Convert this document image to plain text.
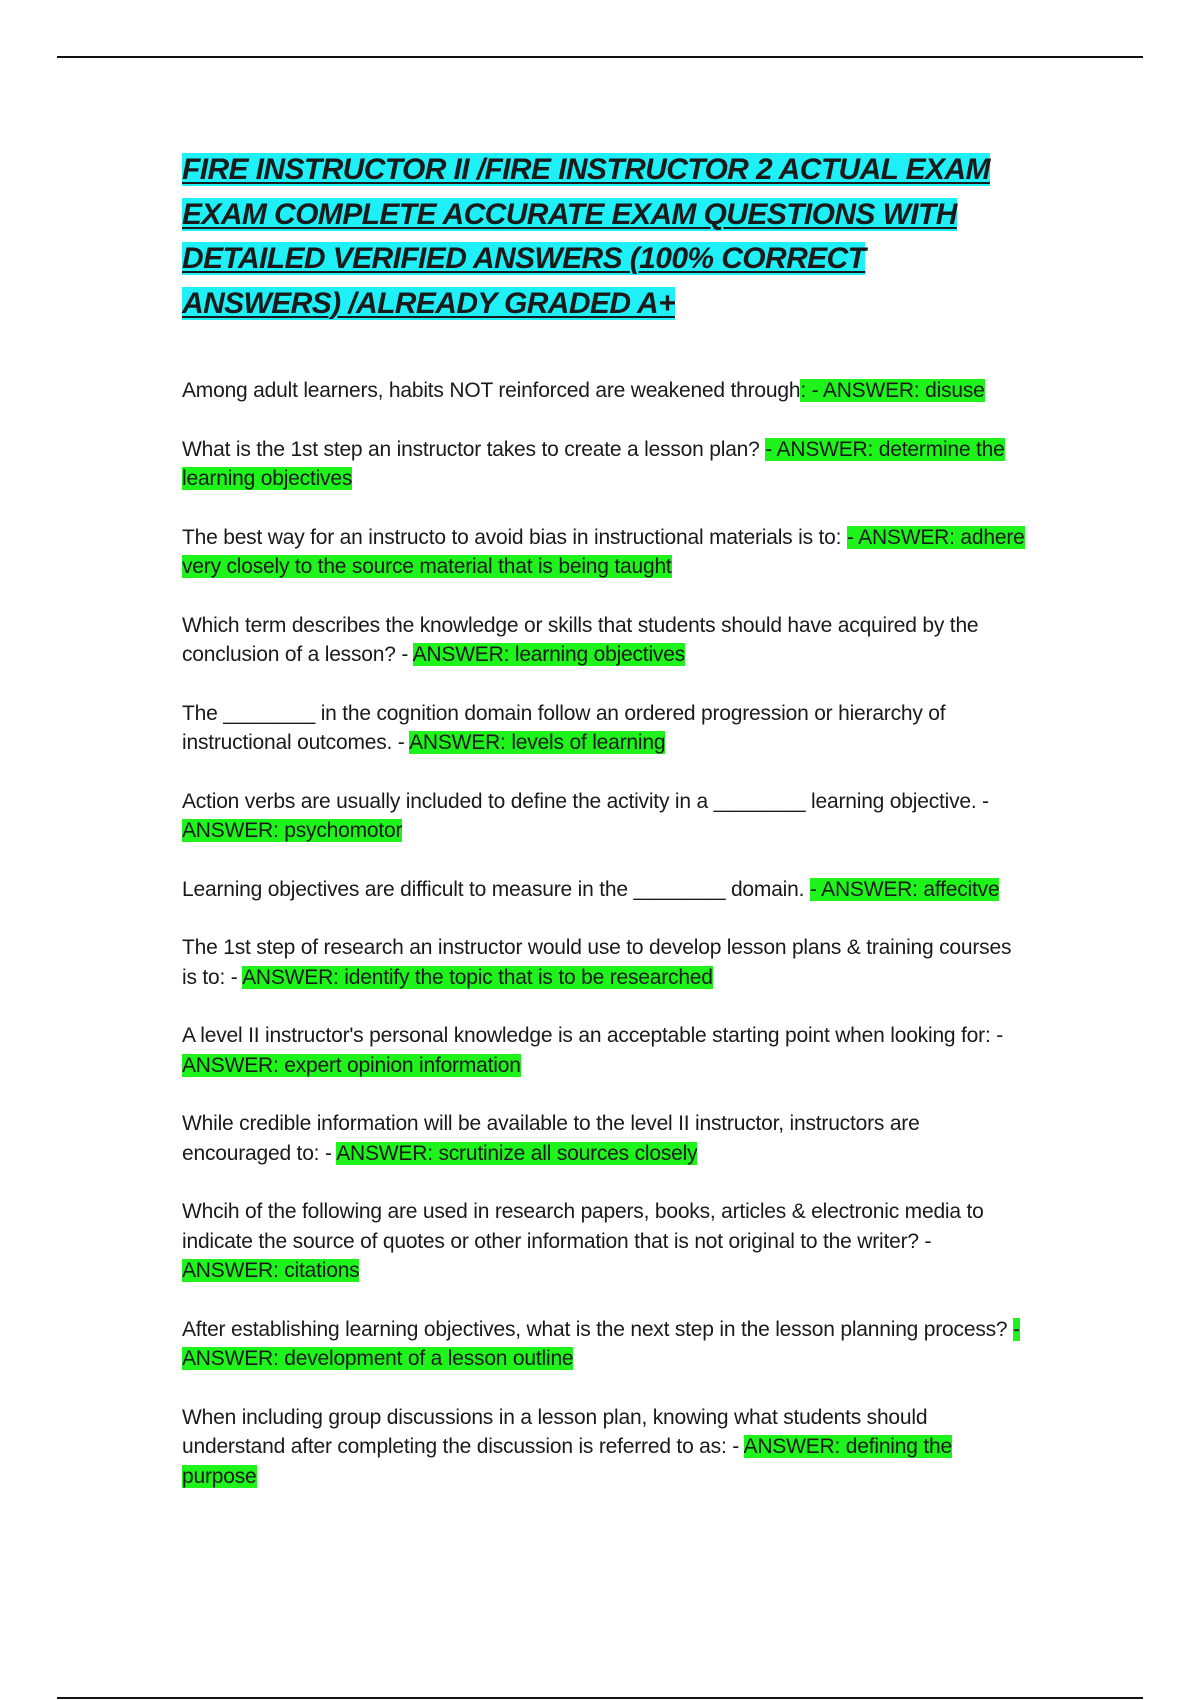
FIRE INSTRUCTOR II /FIRE INSTRUCTOR 2 ACTUAL EXAM EXAM COMPLETE ACCURATE EXAM QUESTIONS WITH DETAILED VERIFIED ANSWERS (100% CORRECT ANSWERS) /ALREADY GRADED A+

Among adult learners, habits NOT reinforced are weakened through: - ANSWER: disuse

What is the 1st step an instructor takes to create a lesson plan? - ANSWER: determine the learning objectives

The best way for an instructo to avoid bias in instructional materials is to: - ANSWER: adhere very closely to the source material that is being taught

Which term describes the knowledge or skills that students should have acquired by the conclusion of a lesson? - ANSWER: learning objectives

The ________ in the cognition domain follow an ordered progression or hierarchy of instructional outcomes. - ANSWER: levels of learning

Action verbs are usually included to define the activity in a ________ learning objective. - ANSWER: psychomotor

Learning objectives are difficult to measure in the ________ domain. - ANSWER: affecitve

The 1st step of research an instructor would use to develop lesson plans & training courses is to: - ANSWER: identify the topic that is to be researched

A level II instructor's personal knowledge is an acceptable starting point when looking for: - ANSWER: expert opinion information

While credible information will be available to the level II instructor, instructors are encouraged to: - ANSWER: scrutinize all sources closely

Whcih of the following are used in research papers, books, articles & electronic media to indicate the source of quotes or other information that is not original to the writer? - ANSWER: citations

After establishing learning objectives, what is the next step in the lesson planning process? - ANSWER: development of a lesson outline

When including group discussions in a lesson plan, knowing what students should understand after completing the discussion is referred to as: - ANSWER: defining the purpose
